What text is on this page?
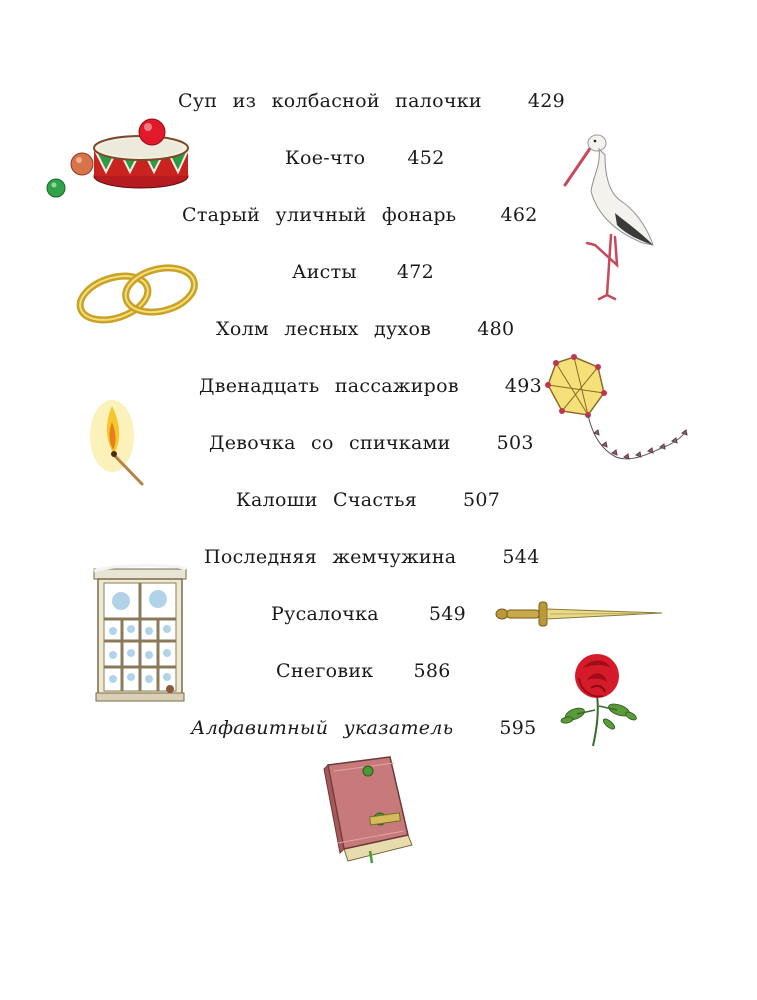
Суп из колбасной палочки 429
Кое-что 452
Старый уличный фонарь 462
Аисты 472
Холм лесных духов 480
Двенадцать пассажиров 493
Девочка со спичками 503
Калоши Счастья 507
Последняя жемчужина 544
Русалочка	549
Снеговик 586
Алфавитный указатель 595
